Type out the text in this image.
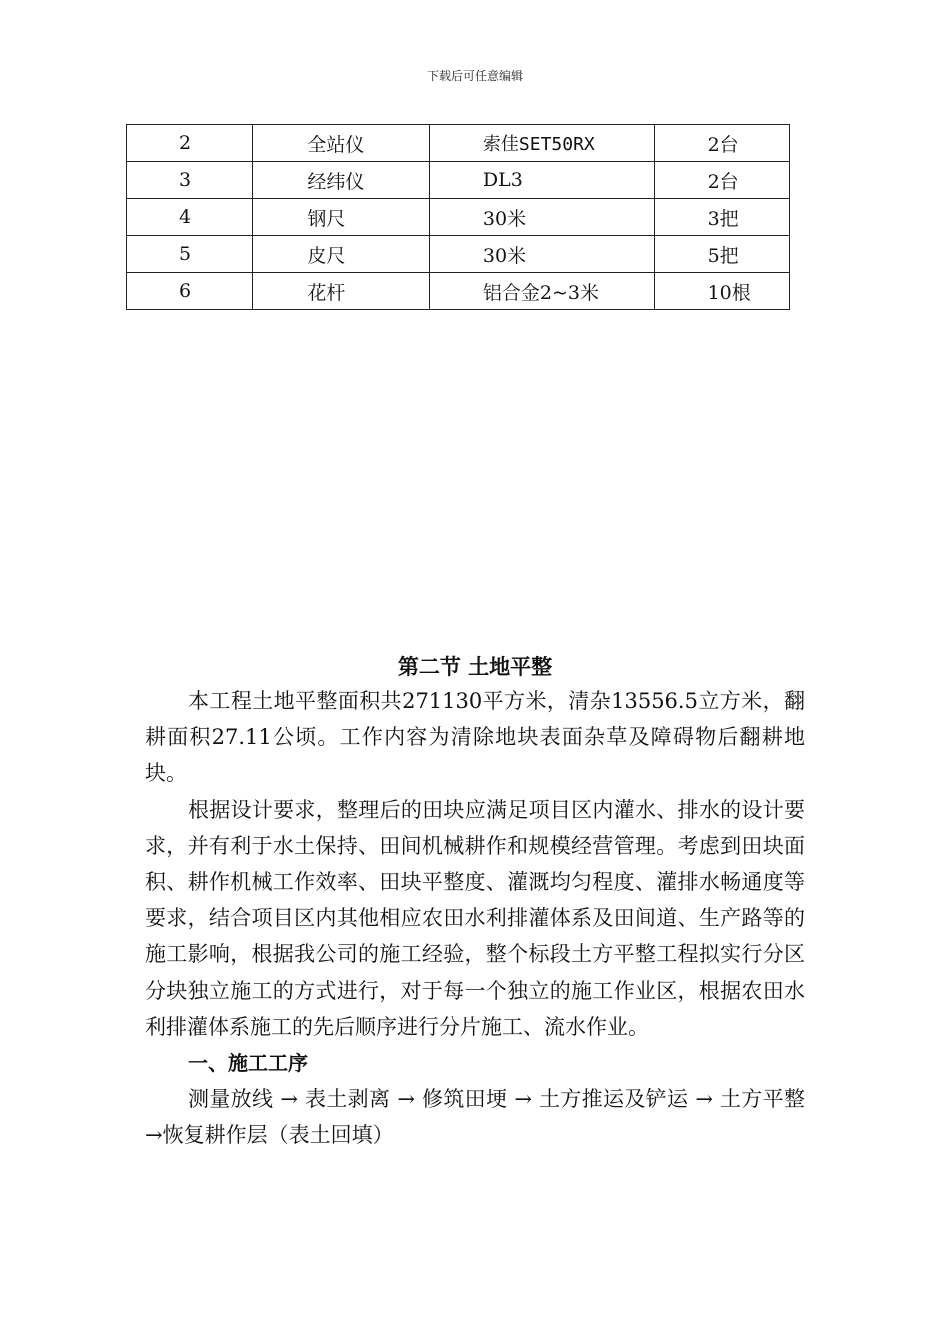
下载后可任意编辑
2	全站仪	索佳SET50RX	2台
3	经纬仪	DL3	2台
4	钢尺	30米	3把
5	皮尺	30米	5把
6	花杆	铝合金2~3米	10根
第二节 土地平整

本工程土地平整面积共271130平方米，清杂13556.5立方米，翻耕面积27.11公顷。工作内容为清除地块表面杂草及障碍物后翻耕地块。

根据设计要求，整理后的田块应满足项目区内灌水、排水的设计要求，并有利于水土保持、田间机械耕作和规模经营管理。考虑到田块面积、耕作机械工作效率、田块平整度、灌溉均匀程度、灌排水畅通度等要求，结合项目区内其他相应农田水利排灌体系及田间道、生产路等的施工影响，根据我公司的施工经验，整个标段土方平整工程拟实行分区分块独立施工的方式进行，对于每一个独立的施工作业区，根据农田水利排灌体系施工的先后顺序进行分片施工、流水作业。

一、施工工序

测量放线 → 表土剥离 → 修筑田埂 → 土方推运及铲运 → 土方平整 →恢复耕作层（表土回填）
